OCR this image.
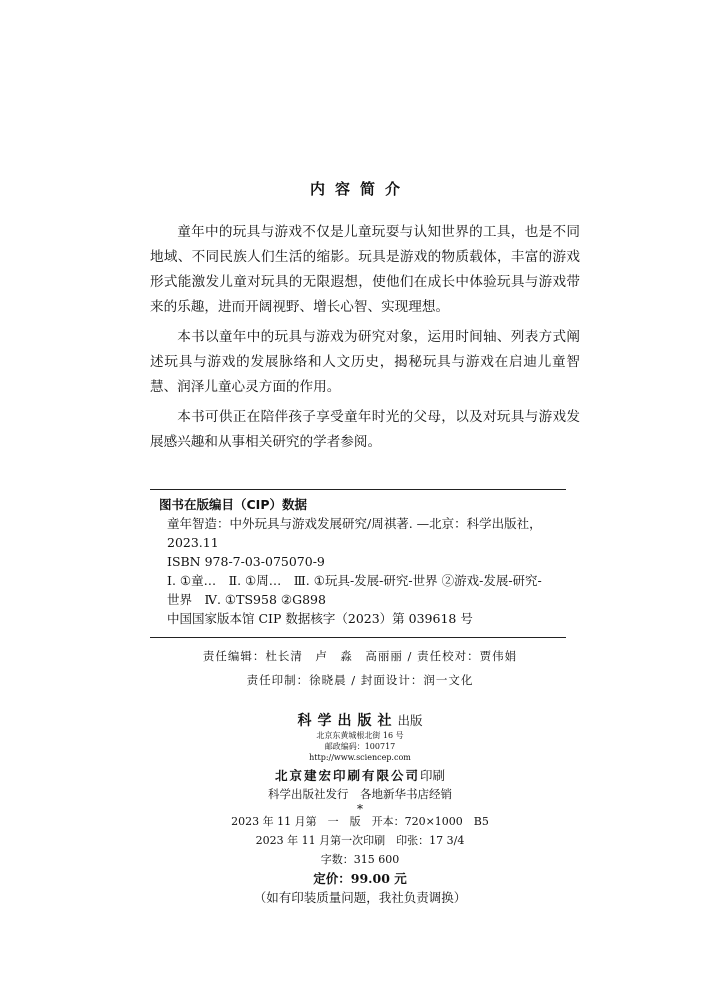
内容简介

童年中的玩具与游戏不仅是儿童玩耍与认知世界的工具，也是不同地域、不同民族人们生活的缩影。玩具是游戏的物质载体，丰富的游戏形式能激发儿童对玩具的无限遐想，使他们在成长中体验玩具与游戏带来的乐趣，进而开阔视野、增长心智、实现理想。

本书以童年中的玩具与游戏为研究对象，运用时间轴、列表方式阐述玩具与游戏的发展脉络和人文历史，揭秘玩具与游戏在启迪儿童智慧、润泽儿童心灵方面的作用。

本书可供正在陪伴孩子享受童年时光的父母，以及对玩具与游戏发展感兴趣和从事相关研究的学者参阅。

图书在版编目（CIP）数据
童年智造：中外玩具与游戏发展研究/周祺著. —北京：科学出版社，
2023.11
ISBN 978-7-03-075070-9
Ⅰ. ①童…　Ⅱ. ①周…　Ⅲ. ①玩具-发展-研究-世界 ②游戏-发展-研究-
世界　Ⅳ. ①TS958 ②G898
中国国家版本馆 CIP 数据核字（2023）第 039618 号
责任编辑：杜长清　卢　淼　高丽丽 / 责任校对：贾伟娟
责任印制：徐晓晨 / 封面设计：润一文化
科学出版社出版
北京东黄城根北街 16 号
邮政编码：100717
http://www.sciencep.com
北京建宏印刷有限公司印刷
科学出版社发行　各地新华书店经销
*
2023 年 11 月第　一　版　开本：720×1000　B5
2023 年 11 月第一次印刷　印张：17 3/4
字数：315 600
定价：99.00 元
（如有印装质量问题，我社负责调换）
